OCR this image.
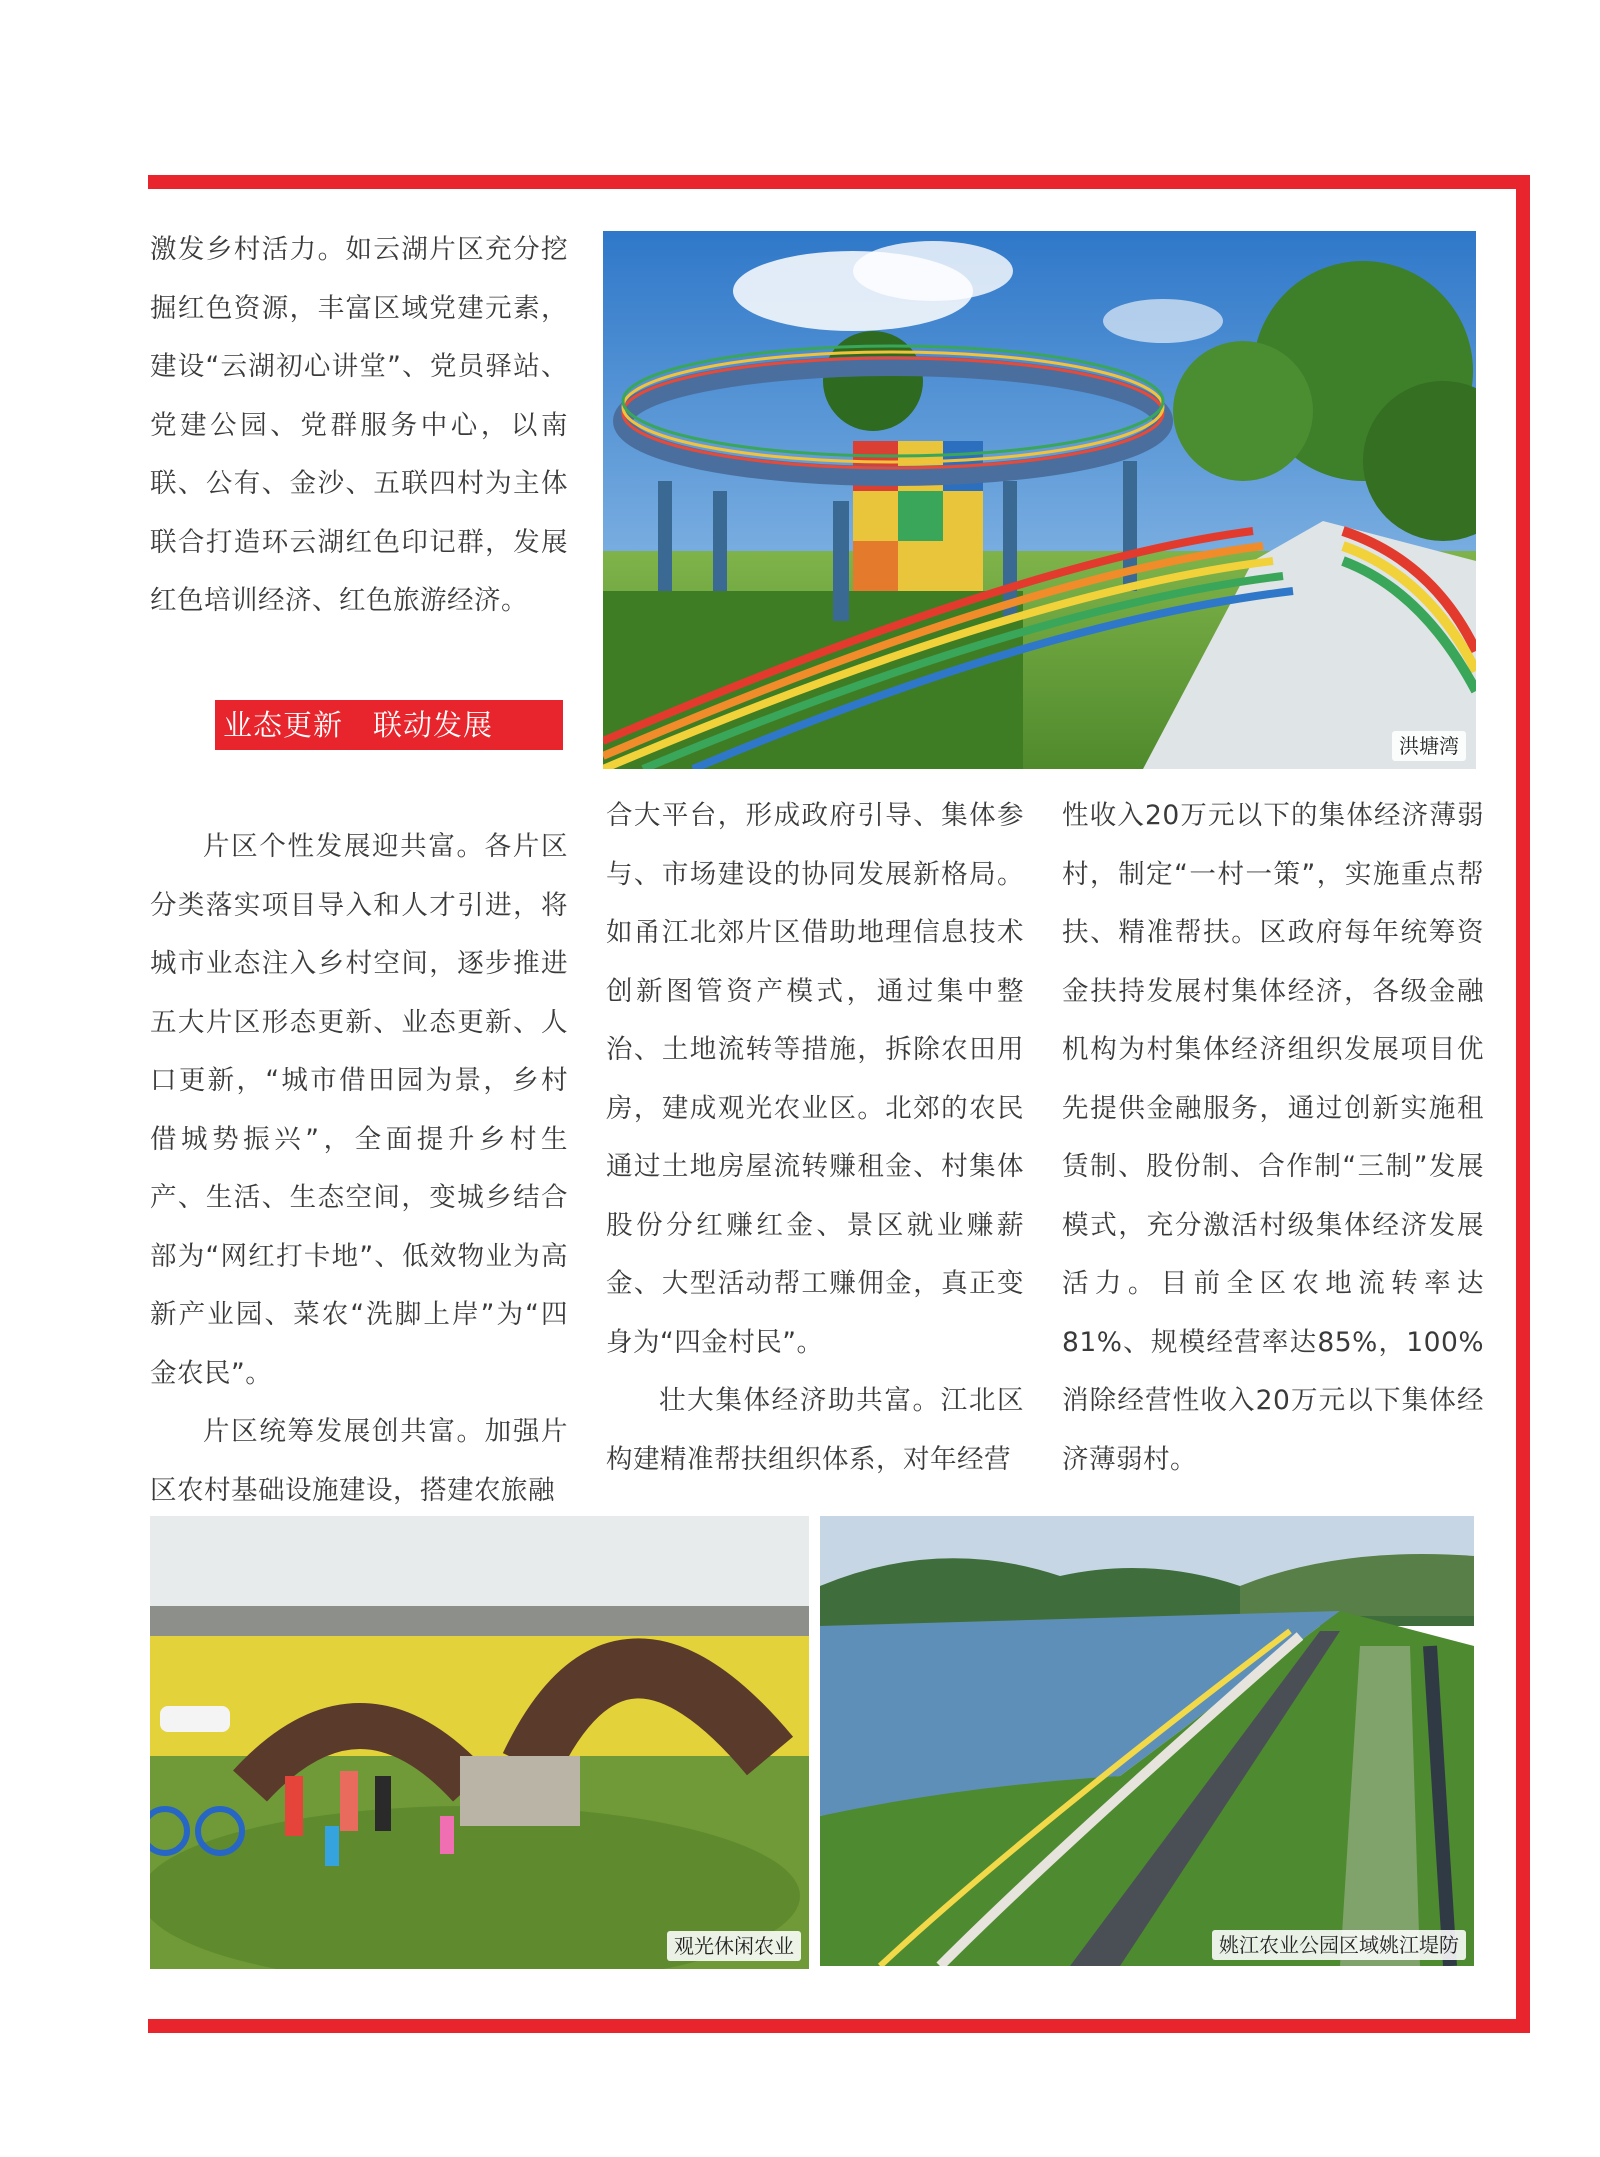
激发乡村活力。如云湖片区充分挖掘红色资源，丰富区域党建元素，建设“云湖初心讲堂”、党员驿站、党建公园、党群服务中心，以南联、公有、金沙、五联四村为主体联合打造环云湖红色印记群，发展红色培训经济、红色旅游经济。

业态更新　联动发展

片区个性发展迎共富。各片区分类落实项目导入和人才引进，将城市业态注入乡村空间，逐步推进五大片区形态更新、业态更新、人口更新，“城市借田园为景，乡村借城势振兴”，全面提升乡村生产、生活、生态空间，变城乡结合部为“网红打卡地”、低效物业为高新产业园、菜农“洗脚上岸”为“四金农民”。

片区统筹发展创共富。加强片区农村基础设施建设，搭建农旅融

合大平台，形成政府引导、集体参与、市场建设的协同发展新格局。如甬江北郊片区借助地理信息技术创新图管资产模式，通过集中整治、土地流转等措施，拆除农田用房，建成观光农业区。北郊的农民通过土地房屋流转赚租金、村集体股份分红赚红金、景区就业赚薪金、大型活动帮工赚佣金，真正变身为“四金村民”。

壮大集体经济助共富。江北区构建精准帮扶组织体系，对年经营

性收入20万元以下的集体经济薄弱村，制定“一村一策”，实施重点帮扶、精准帮扶。区政府每年统筹资金扶持发展村集体经济，各级金融机构为村集体经济组织发展项目优先提供金融服务，通过创新实施租赁制、股份制、合作制“三制”发展模式，充分激活村级集体经济发展活力。目前全区农地流转率达81%、规模经营率达85%，100%消除经营性收入20万元以下集体经济薄弱村。

洪塘湾
观光休闲农业	姚江农业公园区域姚江堤防
